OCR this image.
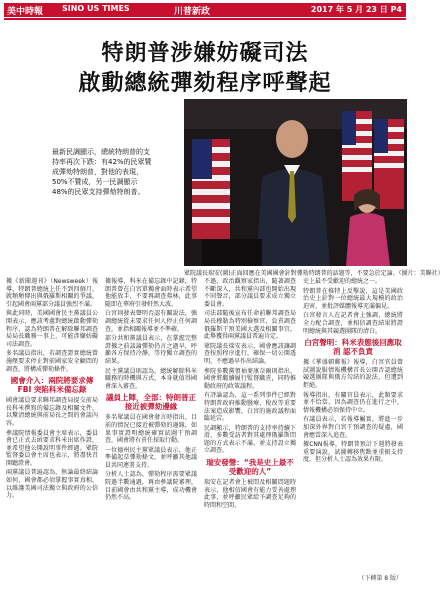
美中時報 SINO US TIMES	川普新政	2017 年 5 月 23 日 P4
特朗普涉嫌妨礙司法
啟動總統彈劾程序呼聲起
最新民調顯示，總統特朗普的支持率再次下跌：有42%的民眾贊成彈劾特朗普，對他的表現，50%不贊成，另一民調顯示48%的民眾支持彈劾特朗普。
眾院議長瑞安(圖)正面回應在美國國會針對彈劾特朗普的話題等，不要急於定論。（圖片：美聯社）

據《新聞週刊》（Newsweek）報導，特朗普總統上任不到四個月，就頻頻傳出與俄羅斯相關的爭議，引起國會兩黨部分議員強烈不滿。

與此同時，美國國會民主黨議員公開表示，應該考慮對總統啟動彈劾程序，認為特朗普在解除聯邦調查局局長職務一事上，可能涉嫌妨礙司法調查。

多名議員指出，若調查證實總統曾施壓要求停止對前國家安全顧問的調查，將構成彈劾條件。

國會介入：兩院將要求傳FBI 突陷科米備忘錄

國會議員要求聯邦調查局提交前局長科米撰寫的備忘錄及相關文件，以釐清總統與前局長之間的會談內容。

參議院情報委員會主席表示，委員會已正式去函要求科米出席作證，並希望他公開說明事件經過。眾院監督委員會主席也表示，將盡快召開聽證會。

兩黨議員普遍認為，無論最終結論如何，國會都必須掌握事實真相，以維護美國司法獨立與政府的公信力。

據報導，科米在備忘錄中記錄，特朗普曾在白宮單獨會面時表示希望他能放手，不要再調查弗林，此事隨即在華府引發軒然大波。

白宮則發表聲明否認有關說法，強調總統從未要求任何人停止任何調查，並指相關報導並不準確。

部分共和黨議員表示，在掌握完整證據之前談論彈劾仍言之過早，呼籲各方保持冷靜，等待獨立調查的結果。

民主黨議員則認為，總統解除科米職務的時機與方式，本身就值得國會深入審查。

議員上陣，全部：特朗普正接近被彈劾邊緣

多名眾議員在國會發言時指出，目前的情況已接近被彈劾的邊緣，如果事實證明總統確實試圖干預調查，國會將有責任採取行動。

一位德州民主黨眾議員表示，他正準備起草彈劾條文，並呼籲其他議員共同連署支持。

分析人士認為，彈劾程序需要眾議院過半數通過，再由參議院審理，目前國會由共和黨主導，成功機會仍然不高。

不過，政治觀察家指出，隨著調查不斷深入，共和黨內部也開始出現不同聲音，部分議員要求成立獨立委員會。

司法部隨後宣布任命前聯邦調查局局長穆勒為特別檢察官，負責調查俄羅斯干預美國大選及相關事宜，此舉獲得兩黨議員普遍肯定。

眾院議長瑞安表示，國會應該讓調查按照程序進行，確保一切公開透明，不應過早作出結論。

參院多數黨領袖麥康奈爾則指出，國會將繼續履行監督職責，同時推動政府的政策議程。

有評論認為，這一系列事件已經對特朗普政府推動醫療、稅改等重要法案造成影響，白宮的施政議程面臨延宕。

民調顯示，特朗普的支持率持續下滑，多數受訪者對其處理俄羅斯問題的方式表示不滿，並支持設立獨立調查。

瑞安發聲：“我是史上最不受歡迎的人”

瑞安在記者會上被問及相關問題時表示，他相信國會有能力妥善處理此事，並呼籲民眾給予調查足夠的時間和空間。

史上最不受歡迎的總統之一。

特朗普在推特上反擊說，這是美國政治史上針對一位總統最大規模的政治迫害，並批評媒體報導充滿偏見。

白宮發言人在記者會上強調，總統將全力配合調查，並相信調查結果將證明總統與其競選團隊的清白。

白宮聲明：科米表態後回應取消 認不負責

據《華盛頓郵報》報導，白宮官員曾試圖說服情報機構首長公開否認總統競選團隊與俄方勾結的說法，但遭到拒絕。

報導指出，有關官員表示，此類要求並不恰當，因為調查仍在進行之中，情報機構必須保持中立。

有議員表示，若報導屬實，將進一步加深外界對白宮干預調查的疑慮，國會應當深入追查。

據CNN報導，特朗普預計下週將發表重要演說，試圖轉移焦點並重振支持度，但分析人士認為效果有限。

（下轉第 8 版）
